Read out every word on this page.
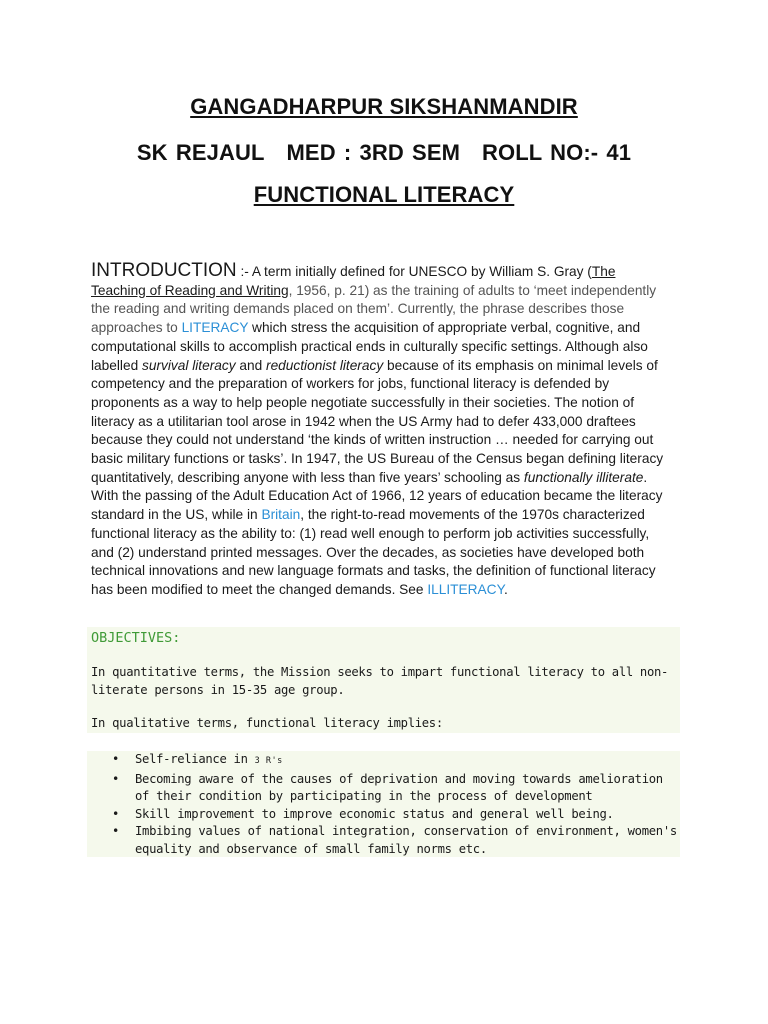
GANGADHARPUR SIKSHANMANDIR
SK REJAUL MED : 3RD SEM ROLL NO:- 41
FUNCTIONAL LITERACY
INTRODUCTION :- A term initially defined for UNESCO by William S. Gray (The Teaching of Reading and Writing, 1956, p. 21) as the training of adults to ‘meet independently the reading and writing demands placed on them’. Currently, the phrase describes those approaches to LITERACY which stress the acquisition of appropriate verbal, cognitive, and computational skills to accomplish practical ends in culturally specific settings. Although also labelled survival literacy and reductionist literacy because of its emphasis on minimal levels of competency and the preparation of workers for jobs, functional literacy is defended by proponents as a way to help people negotiate successfully in their societies. The notion of literacy as a utilitarian tool arose in 1942 when the US Army had to defer 433,000 draftees because they could not understand ‘the kinds of written instruction … needed for carrying out basic military functions or tasks’. In 1947, the US Bureau of the Census began defining literacy quantitatively, describing anyone with less than five years’ schooling as functionally illiterate. With the passing of the Adult Education Act of 1966, 12 years of education became the literacy standard in the US, while in Britain, the right-to-read movements of the 1970s characterized functional literacy as the ability to: (1) read well enough to perform job activities successfully, and (2) understand printed messages. Over the decades, as societies have developed both technical innovations and new language formats and tasks, the definition of functional literacy has been modified to meet the changed demands. See ILLITERACY.

OBJECTIVES:

In quantitative terms, the Mission seeks to impart functional literacy to all non-literate persons in 15-35 age group.

In qualitative terms, functional literacy implies:

• Self-reliance in 3 R's
• Becoming aware of the causes of deprivation and moving towards amelioration of their condition by participating in the process of development
• Skill improvement to improve economic status and general well being.
• Imbibing values of national integration, conservation of environment, women's equality and observance of small family norms etc.
